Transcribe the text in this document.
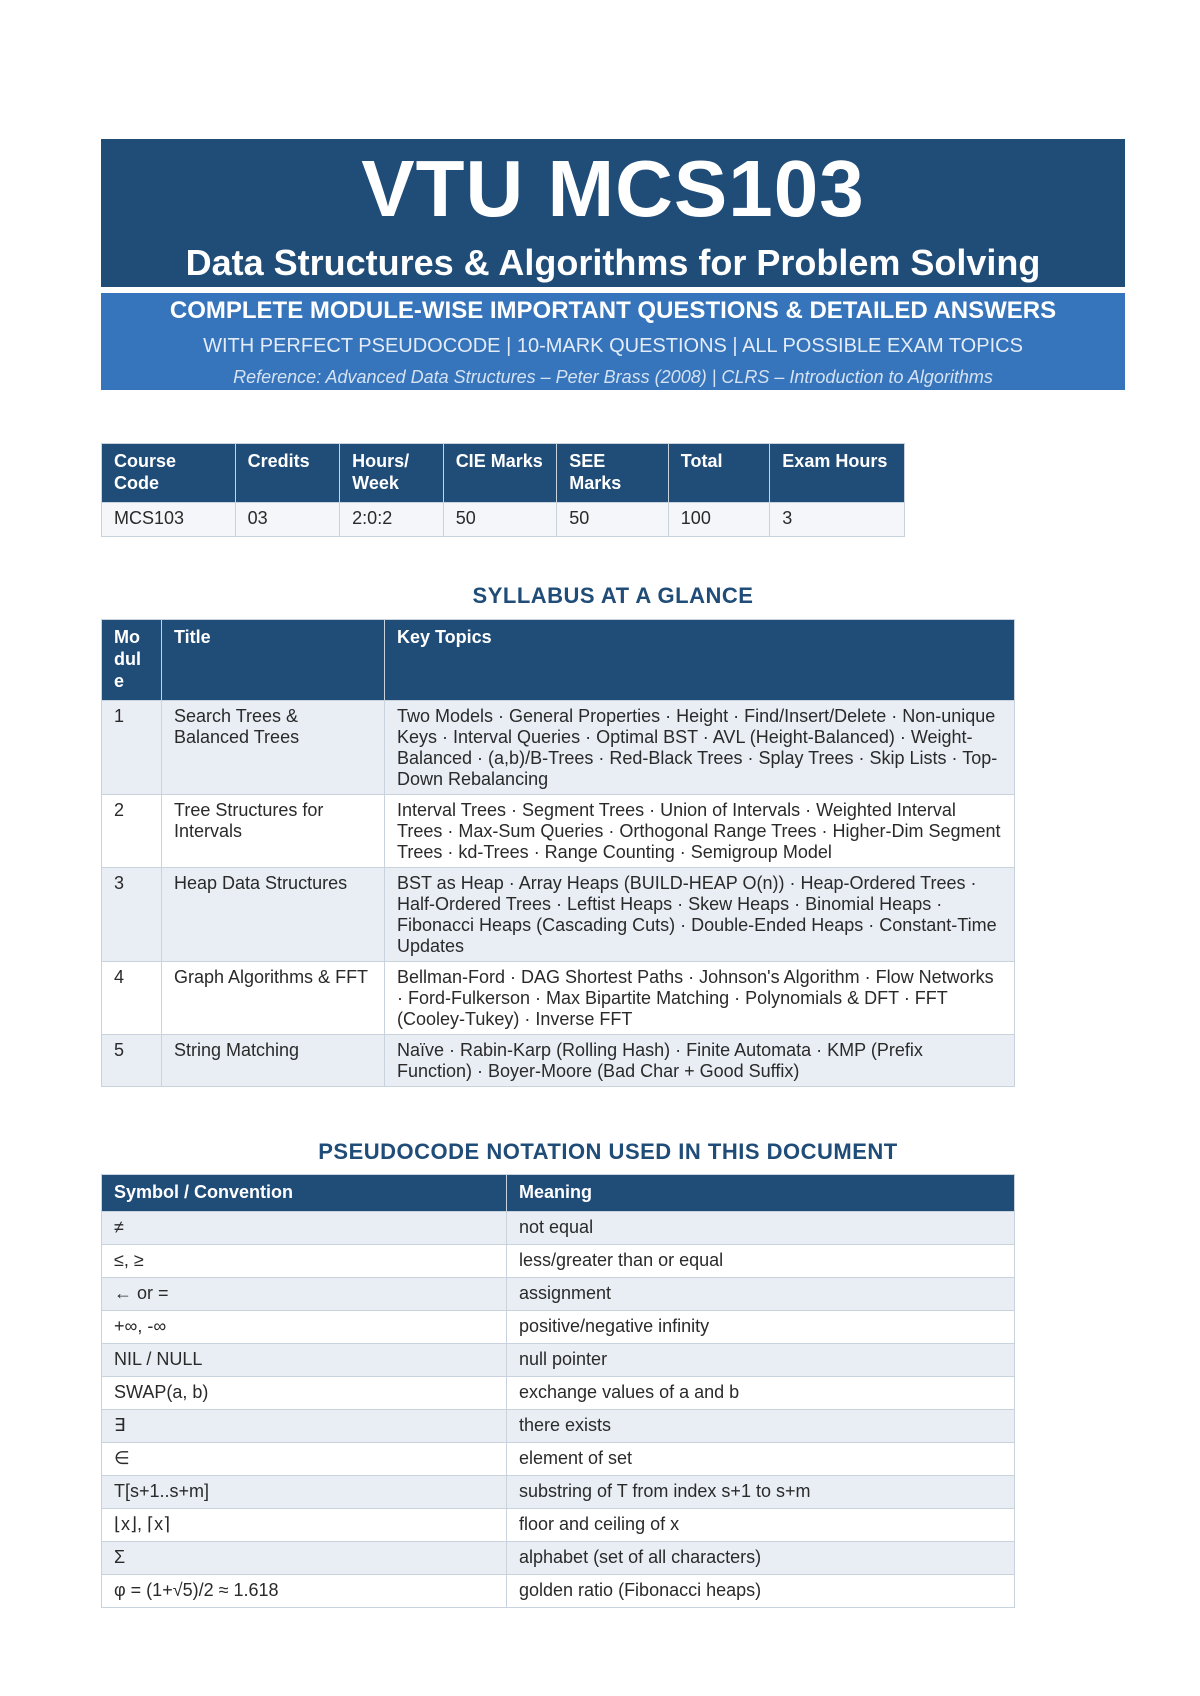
VTU MCS103
Data Structures & Algorithms for Problem Solving
COMPLETE MODULE-WISE IMPORTANT QUESTIONS & DETAILED ANSWERS
WITH PERFECT PSEUDOCODE | 10-MARK QUESTIONS | ALL POSSIBLE EXAM TOPICS
Reference: Advanced Data Structures – Peter Brass (2008) | CLRS – Introduction to Algorithms
Course Code	Credits	Hours/ Week	CIE Marks	SEE Marks	Total	Exam Hours
MCS103	03	2:0:2	50	50	100	3
SYLLABUS AT A GLANCE
Module	Title	Key Topics
1	Search Trees & Balanced Trees	Two Models · General Properties · Height · Find/Insert/Delete · Non-unique Keys · Interval Queries · Optimal BST · AVL (Height-Balanced) · Weight-Balanced · (a,b)/B-Trees · Red-Black Trees · Splay Trees · Skip Lists · Top-Down Rebalancing
2	Tree Structures for Intervals	Interval Trees · Segment Trees · Union of Intervals · Weighted Interval Trees · Max-Sum Queries · Orthogonal Range Trees · Higher-Dim Segment Trees · kd-Trees · Range Counting · Semigroup Model
3	Heap Data Structures	BST as Heap · Array Heaps (BUILD-HEAP O(n)) · Heap-Ordered Trees · Half-Ordered Trees · Leftist Heaps · Skew Heaps · Binomial Heaps · Fibonacci Heaps (Cascading Cuts) · Double-Ended Heaps · Constant-Time Updates
4	Graph Algorithms & FFT	Bellman-Ford · DAG Shortest Paths · Johnson's Algorithm · Flow Networks · Ford-Fulkerson · Max Bipartite Matching · Polynomials & DFT · FFT (Cooley-Tukey) · Inverse FFT
5	String Matching	Naïve · Rabin-Karp (Rolling Hash) · Finite Automata · KMP (Prefix Function) · Boyer-Moore (Bad Char + Good Suffix)
PSEUDOCODE NOTATION USED IN THIS DOCUMENT
Symbol / Convention	Meaning
≠	not equal
≤, ≥	less/greater than or equal
← or =	assignment
+∞, -∞	positive/negative infinity
NIL / NULL	null pointer
SWAP(a, b)	exchange values of a and b
∃	there exists
∈	element of set
T[s+1..s+m]	substring of T from index s+1 to s+m
⌊x⌋, ⌈x⌉	floor and ceiling of x
Σ	alphabet (set of all characters)
φ = (1+√5)/2 ≈ 1.618	golden ratio (Fibonacci heaps)
